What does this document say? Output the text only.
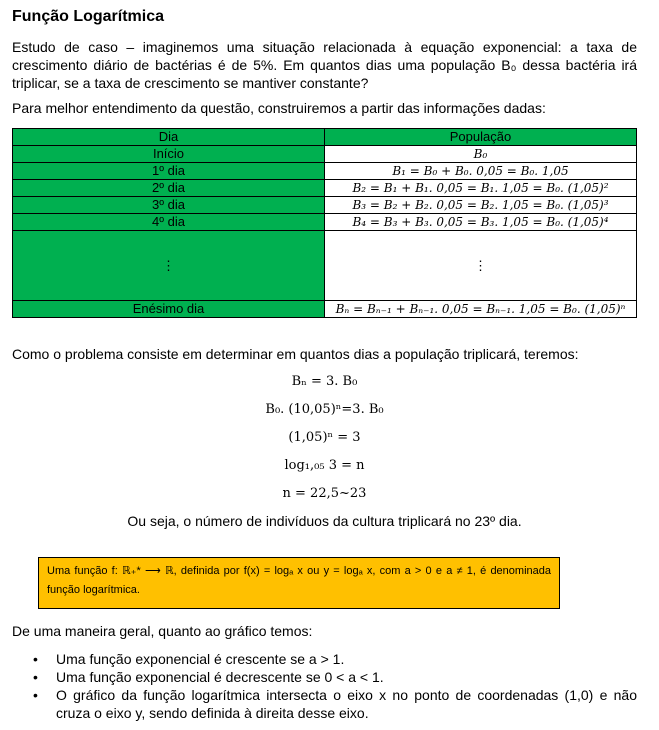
Função Logarítmica
Estudo de caso – imaginemos uma situação relacionada à equação exponencial: a taxa de crescimento diário de bactérias é de 5%. Em quantos dias uma população B₀ dessa bactéria irá triplicar, se a taxa de crescimento se mantiver constante?
Para melhor entendimento da questão, construiremos a partir das informações dadas:
Dia	População
Início	B₀
1º dia	B₁ = B₀ + B₀. 0,05 = B₀. 1,05
2º dia	B₂ = B₁ + B₁. 0,05 = B₁. 1,05 = B₀. (1,05)²
3º dia	B₃ = B₂ + B₂. 0,05 = B₂. 1,05 = B₀. (1,05)³
4º dia	B₄ = B₃ + B₃. 0,05 = B₃. 1,05 = B₀. (1,05)⁴
⋮	⋮
Enésimo dia	Bₙ = Bₙ₋₁ + Bₙ₋₁. 0,05 = Bₙ₋₁. 1,05 = B₀. (1,05)ⁿ
Como o problema consiste em determinar em quantos dias a população triplicará, teremos:
Bₙ = 3. B₀
B₀. (10,05)ⁿ=3. B₀
(1,05)ⁿ = 3
log₁,₀₅ 3 = n
n = 22,5~23
Ou seja, o número de indivíduos da cultura triplicará no 23º dia.
Uma função f: ℝ₊* ⟶ ℝ, definida por f(x) = logₐ x ou y = logₐ x, com a > 0 e a ≠ 1, é denominada função logarítmica.
De uma maneira geral, quanto ao gráfico temos:
• Uma função exponencial é crescente se a > 1.
• Uma função exponencial é decrescente se 0 < a < 1.
• O gráfico da função logarítmica intersecta o eixo x no ponto de coordenadas (1,0) e não cruza o eixo y, sendo definida à direita desse eixo.
